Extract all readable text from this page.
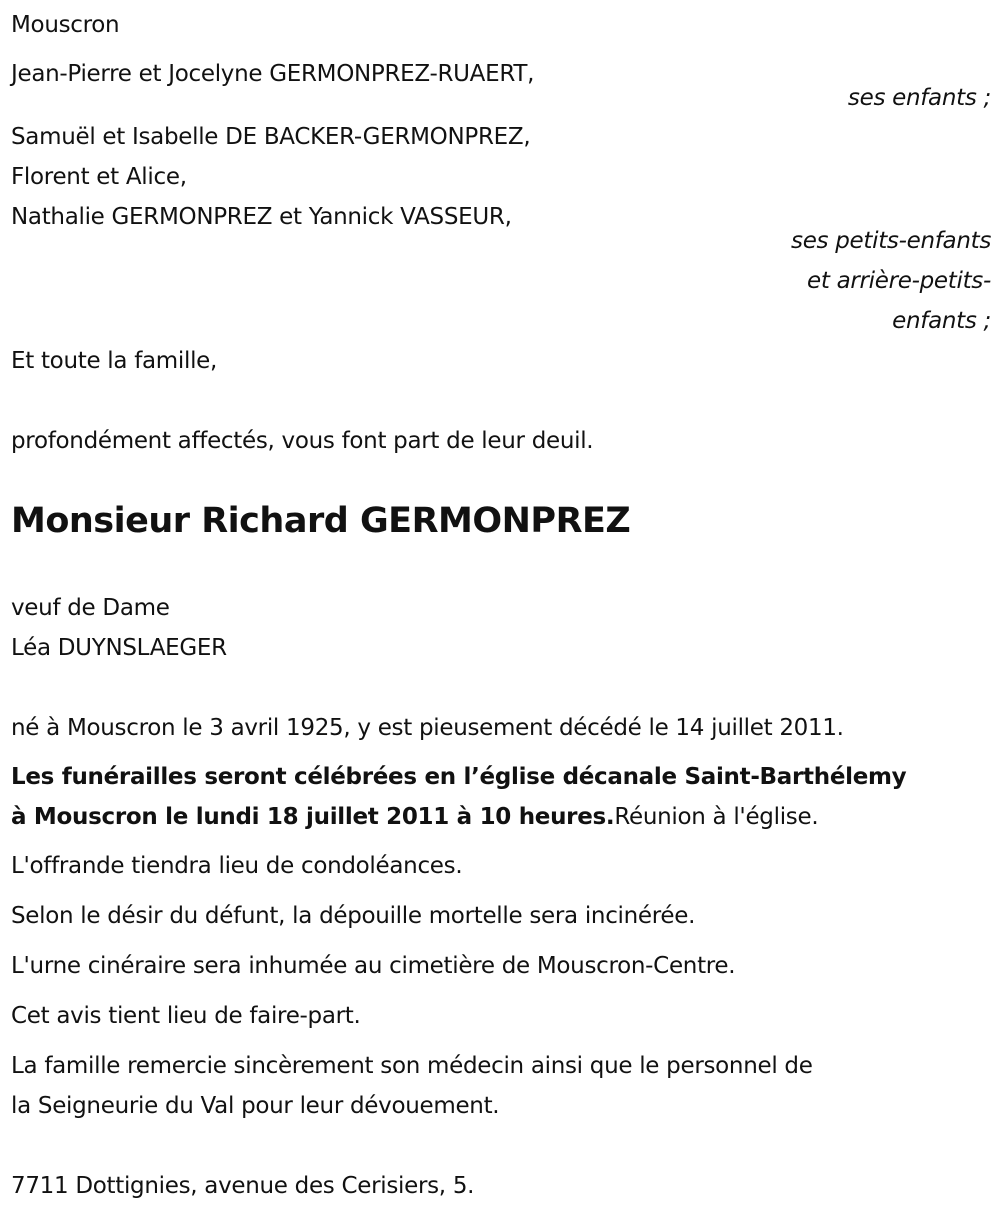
Mouscron
Jean-Pierre et Jocelyne GERMONPREZ-RUAERT,
ses enfants ;
Samuël et Isabelle DE BACKER-GERMONPREZ,
Florent et Alice,
Nathalie GERMONPREZ et Yannick VASSEUR,
ses petits-enfants
et arrière-petits-
enfants ;
Et toute la famille,
profondément affectés, vous font part de leur deuil.
Monsieur Richard GERMONPREZ
veuf de Dame
Léa DUYNSLAEGER
né à Mouscron le 3 avril 1925, y est pieusement décédé le 14 juillet 2011.
Les funérailles seront célébrées en l’église décanale Saint-Barthélemy
à Mouscron le lundi 18 juillet 2011 à 10 heures.Réunion à l'église.
L'offrande tiendra lieu de condoléances.
Selon le désir du défunt, la dépouille mortelle sera incinérée.
L'urne cinéraire sera inhumée au cimetière de Mouscron-Centre.
Cet avis tient lieu de faire-part.
La famille remercie sincèrement son médecin ainsi que le personnel de
la Seigneurie du Val pour leur dévouement.
7711 Dottignies, avenue des Cerisiers, 5.
